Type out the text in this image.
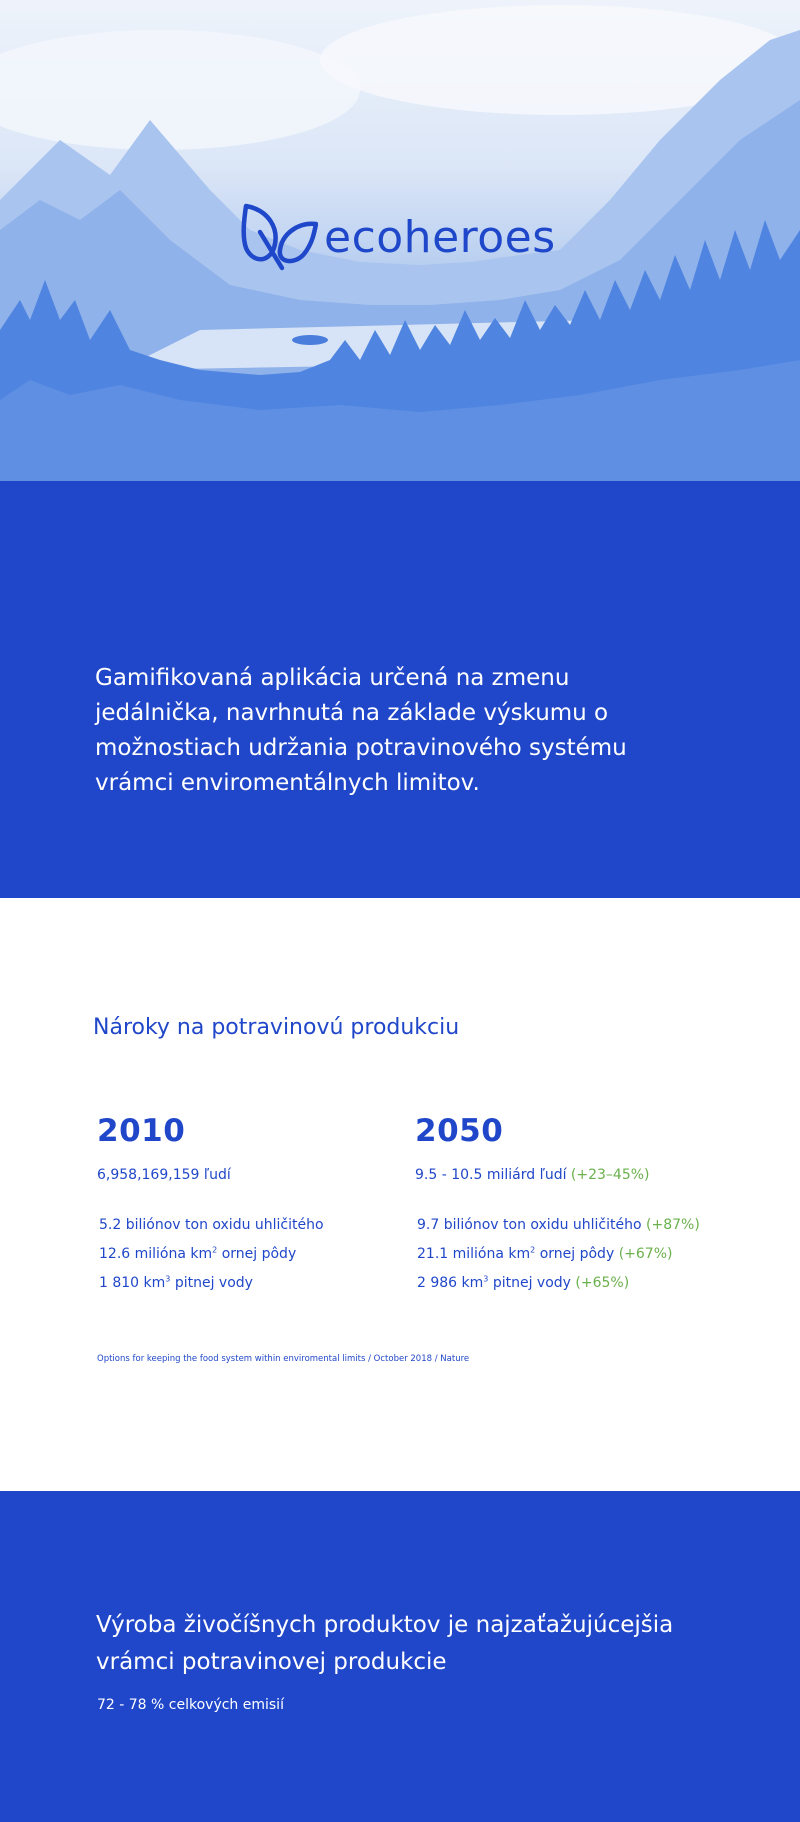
ecoheroes
Gamifikovaná aplikácia určená na zmenu jedálnička, navrhnutá na základe výskumu o možnostiach udržania potravinového systému vrámci enviromentálnych limitov.
Nároky na potravinovú produkciu
2010
6,958,169,159 ľudí
5.2 biliónov ton oxidu uhličitého
12.6 milióna $km^2$ ornej pôdy
1 810 $km^3$ pitnej vody
2050
9.5 - 10.5 miliárd ľudí (+23–45%)
9.7 biliónov ton oxidu uhličitého (+87%)
21.1 milióna $km^2$ ornej pôdy (+67%)
2 986 $km^3$ pitnej vody (+65%)
Options for keeping the food system within enviromental limits / October 2018 / Nature
Výroba živočíšnych produktov je najzaťažujúcejšia vrámci potravinovej produkcie
72 - 78 % celkových emisií
